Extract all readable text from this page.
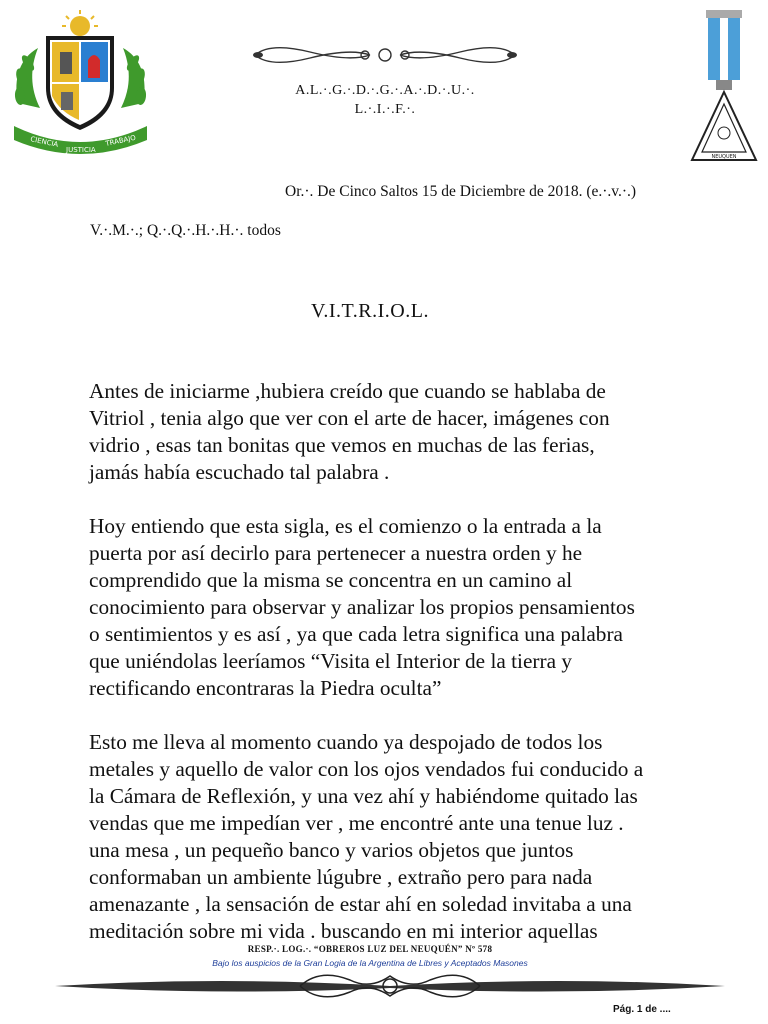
CIENCIA
JUSTICIA
TRABAJO
A.L.·.G.·.D.·.G.·.A.·.D.·.U.·.
L.·.I.·.F.·.
NEUQUEN
Or.·. De Cinco Saltos 15 de Diciembre de 2018. (e.·.v.·.)
V.·.M.·.; Q.·.Q.·.H.·.H.·. todos
V.I.T.R.I.O.L.
Antes de iniciarme ,hubiera creído que cuando se hablaba de
Vitriol , tenia algo que ver con el arte de hacer, imágenes con
vidrio , esas tan bonitas que vemos en muchas de las ferias,
jamás había escuchado tal palabra .
Hoy entiendo que esta sigla, es el comienzo o la entrada a la
puerta por así decirlo para pertenecer a nuestra orden y he
comprendido que la misma se concentra en un camino al
conocimiento para observar y analizar los propios pensamientos
o sentimientos y es así , ya que cada letra significa una palabra
que uniéndolas leeríamos “Visita el Interior de la tierra y
rectificando encontraras la Piedra oculta”
Esto me lleva al momento cuando ya despojado de todos los
metales y aquello de valor con los ojos vendados fui conducido a
la Cámara de Reflexión, y una vez ahí y habiéndome quitado las
vendas que me impedían ver , me encontré ante una tenue luz .
una mesa , un pequeño banco y varios objetos que juntos
conformaban un ambiente lúgubre , extraño pero para nada
amenazante , la sensación de estar ahí en soledad invitaba a una
meditación sobre mi vida . buscando en mi interior aquellas
RESP.·. LOG.·. “OBREROS LUZ DEL NEUQUÉN” Nº 578
Bajo los auspicios de la Gran Logia de la Argentina de Libres y Aceptados Masones
Pág. 1 de ....
